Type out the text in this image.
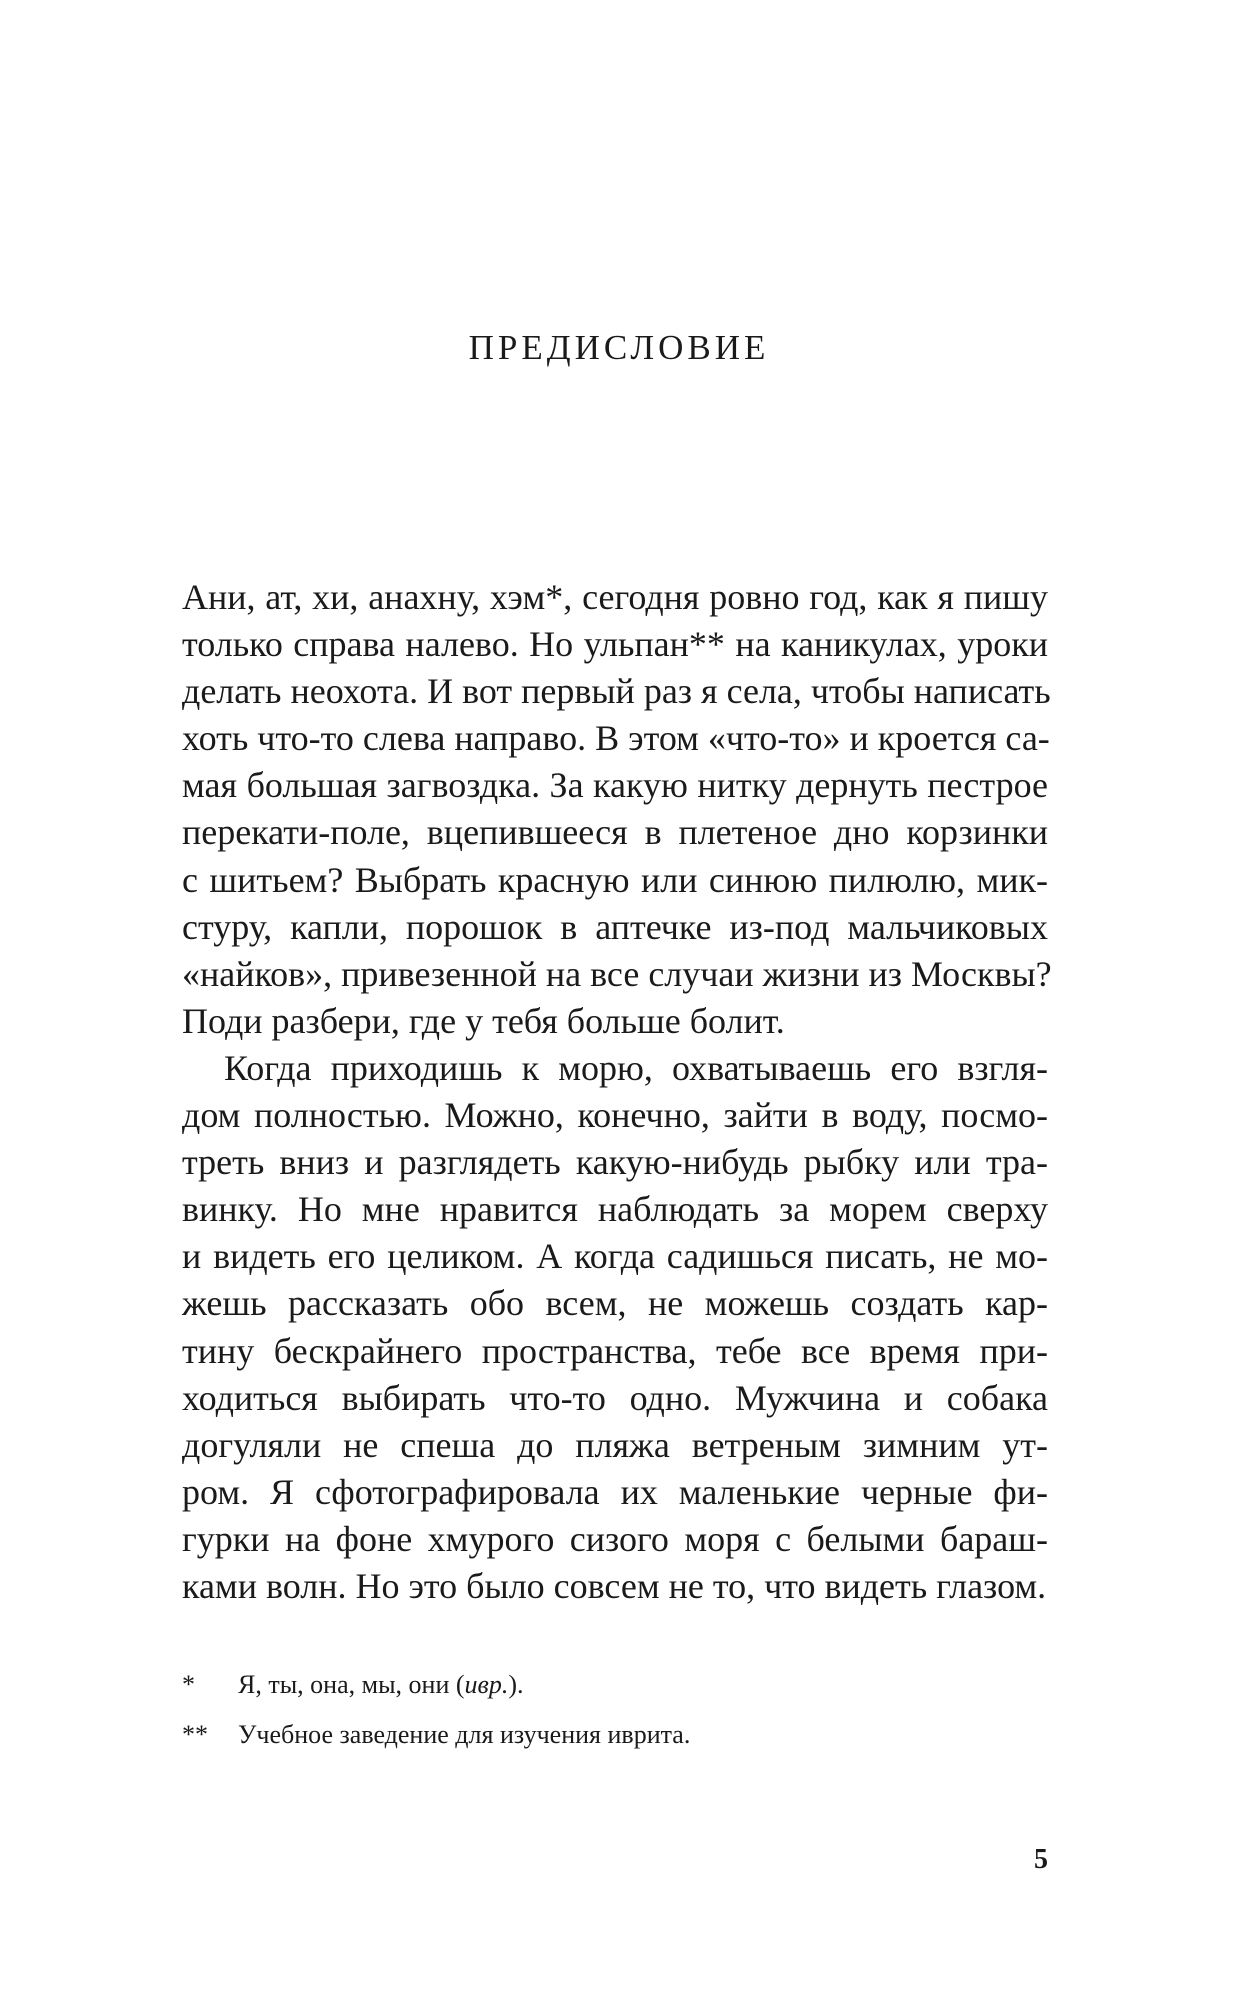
ПРЕДИСЛОВИЕ
Ани, ат, хи, анахну, хэм*, сегодня ровно год, как я пишу
только справа налево. Но ульпан** на каникулах, уроки
делать неохота. И вот первый раз я села, чтобы написать
хоть что-то слева направо. В этом «что-то» и кроется са-
мая большая загвоздка. За какую нитку дернуть пестрое
перекати-поле, вцепившееся в плетеное дно корзинки
с шитьем? Выбрать красную или синюю пилюлю, мик-
стуру, капли, порошок в аптечке из-под мальчиковых
«найков», привезенной на все случаи жизни из Москвы?
Поди разбери, где у тебя больше болит.
Когда приходишь к морю, охватываешь его взгля-
дом полностью. Можно, конечно, зайти в воду, посмо-
треть вниз и разглядеть какую-нибудь рыбку или тра-
винку. Но мне нравится наблюдать за морем сверху
и видеть его целиком. А когда садишься писать, не мо-
жешь рассказать обо всем, не можешь создать кар-
тину бескрайнего пространства, тебе все время при-
ходиться выбирать что-то одно. Мужчина и собака
догуляли не спеша до пляжа ветреным зимним ут-
ром. Я сфотографировала их маленькие черные фи-
гурки на фоне хмурого сизого моря с белыми бараш-
ками волн. Но это было совсем не то, что видеть глазом.
* Я, ты, она, мы, они (ивр.).
** Учебное заведение для изучения иврита.
5
